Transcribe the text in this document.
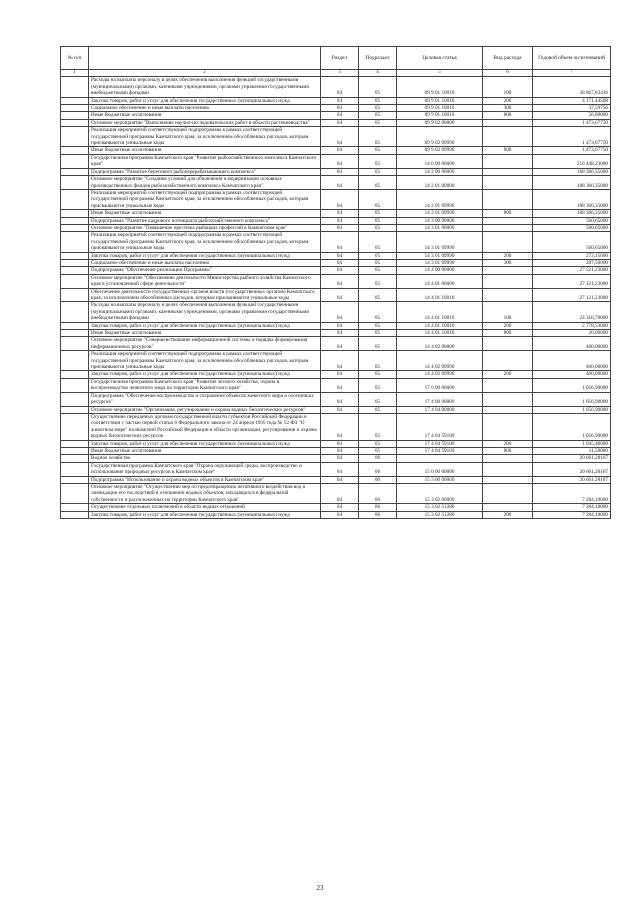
№ п/п		Раздел	Подраздел	Целевая статья	Вид расхода	Годовой объем ассигнований
1	2	3	4	5	6	7
	Расходы на выплаты персоналу в целях обеспечения выполнения функций государственными (муниципальными) органами, казенными учреждениями, органами управления государственными внебюджетными фондами	04	05	09 9 01 10010	100	38 867,83436
	Закупка товаров, работ и услуг для обеспечения государственных (муниципальных) нужд	04	05	09 9 01 10010	200	4 171,44508
	Социальное обеспечение и иные выплаты населению	04	05	09 9 01 10010	300	37,59756
	Иные бюджетные ассигнования	04	05	09 9 01 10010	800	56,80000
	Основное мероприятие "Выполнение научно-исследовательских работ в области растениеводства"	04	05	09 9 02 00000		1 473,67750
	Реализация мероприятий соответствующей подпрограммы в рамках соответствующей государственной программы Камчатского края, за исключением обособленных расходов, которым присваиваются уникальные коды	04	05	09 9 02 09990		1 473,67750
	Иные бюджетные ассигнования	04	05	09 9 02 09990	800	1 473,67750
	Государственная программа Камчатского края "Развитие рыбохозяйственного комплекса Камчатского края"	04	05	14 0 00 00000		216 448,23000
	Подпрограмма "Развитие берегового рыбоперерабатывающего комплекса"	04	05	14 2 00 00000		188 366,35000
	Основное мероприятие "Создание условий для обновления и модернизации основных производственных фондов рыбохозяйственного комплекса Камчатского края"	04	05	14 2 01 00000		188 366,35000
	Реализация мероприятий соответствующей подпрограммы в рамках соответствующей государственной программы Камчатского края, за исключением обособленных расходов, которым присваиваются уникальные коды	04	05	14 2 01 09990		188 366,35000
	Иные бюджетные ассигнования	04	05	14 2 01 09990	800	188 366,35000
	Подпрограмма "Развитие кадрового потенциала рыбохозяйственного комплекса"	04	05	14 3 00 00000		560,65000
	Основное мероприятие "Повышение престижа рыбацких профессий в Камчатском крае"	04	05	14 3 01 00000		560,65000
	Реализация мероприятий соответствующей подпрограммы в рамках соответствующей государственной программы Камчатского края, за исключением обособленных расходов, которым присваиваются уникальные коды	04	05	14 3 01 09990		560,65000
	Закупка товаров, работ и услуг для обеспечения государственных (муниципальных) нужд	04	05	14 3 01 09990	200	273,15000
	Социальное обеспечение и иные выплаты населению	04	05	14 3 01 09990	300	287,50000
	Подпрограмма "Обеспечение реализации Программы"	04	05	14 4 00 00000		27 521,23000
	Основное мероприятие "Обеспечение деятельности Министерства рыбного хозяйства Камчатского края в установленной сфере деятельности"	04	05	14 4 01 00000		27 121,23000
	Обеспечение деятельности государственных органов власти (государственных органов) Камчатского края, за исключением обособленных расходов, которым присваиваются уникальные коды	04	05	14 4 01 10010		27 121,23000
	Расходы на выплаты персоналу в целях обеспечения выполнения функций государственными (муниципальными) органами, казенными учреждениями, органами управления государственными внебюджетными фондами	04	05	14 4 01 10010	100	24 316,70000
	Закупка товаров, работ и услуг для обеспечения государственных (муниципальных) нужд	04	05	14 4 01 10010	200	2 778,53000
	Иные бюджетные ассигнования	04	05	14 4 01 10010	800	26,00000
	Основное мероприятие "Совершенствование информационной системы и порядка формирования информационных ресурсов"	04	05	14 4 02 00000		400,00000
	Реализация мероприятий соответствующей подпрограммы в рамках соответствующей государственной программы Камчатского края, за исключением обособленных расходов, которым присваиваются уникальные коды	04	05	14 4 02 09990		400,00000
	Закупка товаров, работ и услуг для обеспечения государственных (муниципальных) нужд	04	05	14 4 02 09990	200	400,00000
	Государственная программа Камчатского края "Развитие лесного хозяйства, охрана и воспроизводство животного мира на территории Камчатского края"	04	05	17 0 00 00000		1 056,90000
	Подпрограмма "Обеспечение воспроизводства и сохранения объектов животного мира и охотничьих ресурсов"	04	05	17 4 00 00000		1 056,90000
	Основное мероприятие "Организация, регулирование и охрана водных биологических ресурсов"	04	05	17 4 04 00000		1 056,90000
	Осуществление переданных органам государственной власти субъектов Российской Федерации в соответствии с частью первой статьи 6 Федерального закона от 24 апреля 1995 года № 52-ФЗ "О животном мире" полномочий Российской Федерации в области организации, регулирования и охраны водных биологических ресурсов	04	05	17 4 04 59100		1 056,90000
	Закупка товаров, работ и услуг для обеспечения государственных (муниципальных) нужд	04	05	17 4 04 59100	200	1 045,40000
	Иные бюджетные ассигнования	04	05	17 4 04 59100	800	11,50000
	Водное хозяйство	04	06			20 661,28167
	Государственная программа Камчатского края "Охрана окружающей среды, воспроизводство и использование природных ресурсов в Камчатском крае"	04	06	15 0 00 00000		20 661,28167
	Подпрограмма "Использование и охрана водных объектов в Камчатском крае"	04	06	15 3 00 00000		20 661,28167
	Основное мероприятие "Осуществление мер по предотвращению негативного воздействия вод и ликвидации его последствий в отношении водных объектов, находящихся в федеральной собственности и расположенных на территории Камчатского края"	04	06	15 3 02 00000		7 284,10000
	Осуществление отдельных полномочий в области водных отношений	04	06	15 3 02 51280		7 284,10000
	Закупка товаров, работ и услуг для обеспечения государственных (муниципальных) нужд	04	06	15 3 02 51280	200	7 284,10000
23
